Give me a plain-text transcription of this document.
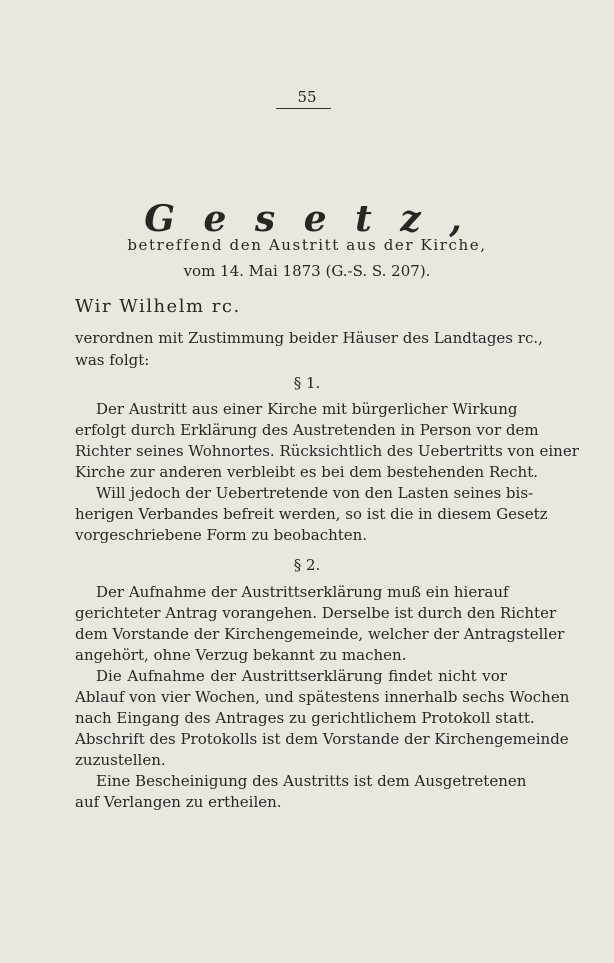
55
G e s e t z ,
betreffend den Austritt aus der Kirche,
vom 14. Mai 1873 (G.-S. S. 207).
Wir Wilhelm rc.
verordnen mit Zustimmung beider Häuser des Landtages rc.,
was folgt:
§ 1.
Der Austritt aus einer Kirche mit bürgerlicher Wirkung
erfolgt durch Erklärung des Austretenden in Person vor dem
Richter seines Wohnortes. Rücksichtlich des Uebertritts von einer
Kirche zur anderen verbleibt es bei dem bestehenden Recht.
Will jedoch der Uebertretende von den Lasten seines bis-
herigen Verbandes befreit werden, so ist die in diesem Gesetz
vorgeschriebene Form zu beobachten.
§ 2.
Der Aufnahme der Austrittserklärung muß ein hierauf
gerichteter Antrag vorangehen. Derselbe ist durch den Richter
dem Vorstande der Kirchengemeinde, welcher der Antragsteller
angehört, ohne Verzug bekannt zu machen.
Die Aufnahme der Austrittserklärung findet nicht vor
Ablauf von vier Wochen, und spätestens innerhalb sechs Wochen
nach Eingang des Antrages zu gerichtlichem Protokoll statt.
Abschrift des Protokolls ist dem Vorstande der Kirchengemeinde
zuzustellen.
Eine Bescheinigung des Austritts ist dem Ausgetretenen
auf Verlangen zu ertheilen.
